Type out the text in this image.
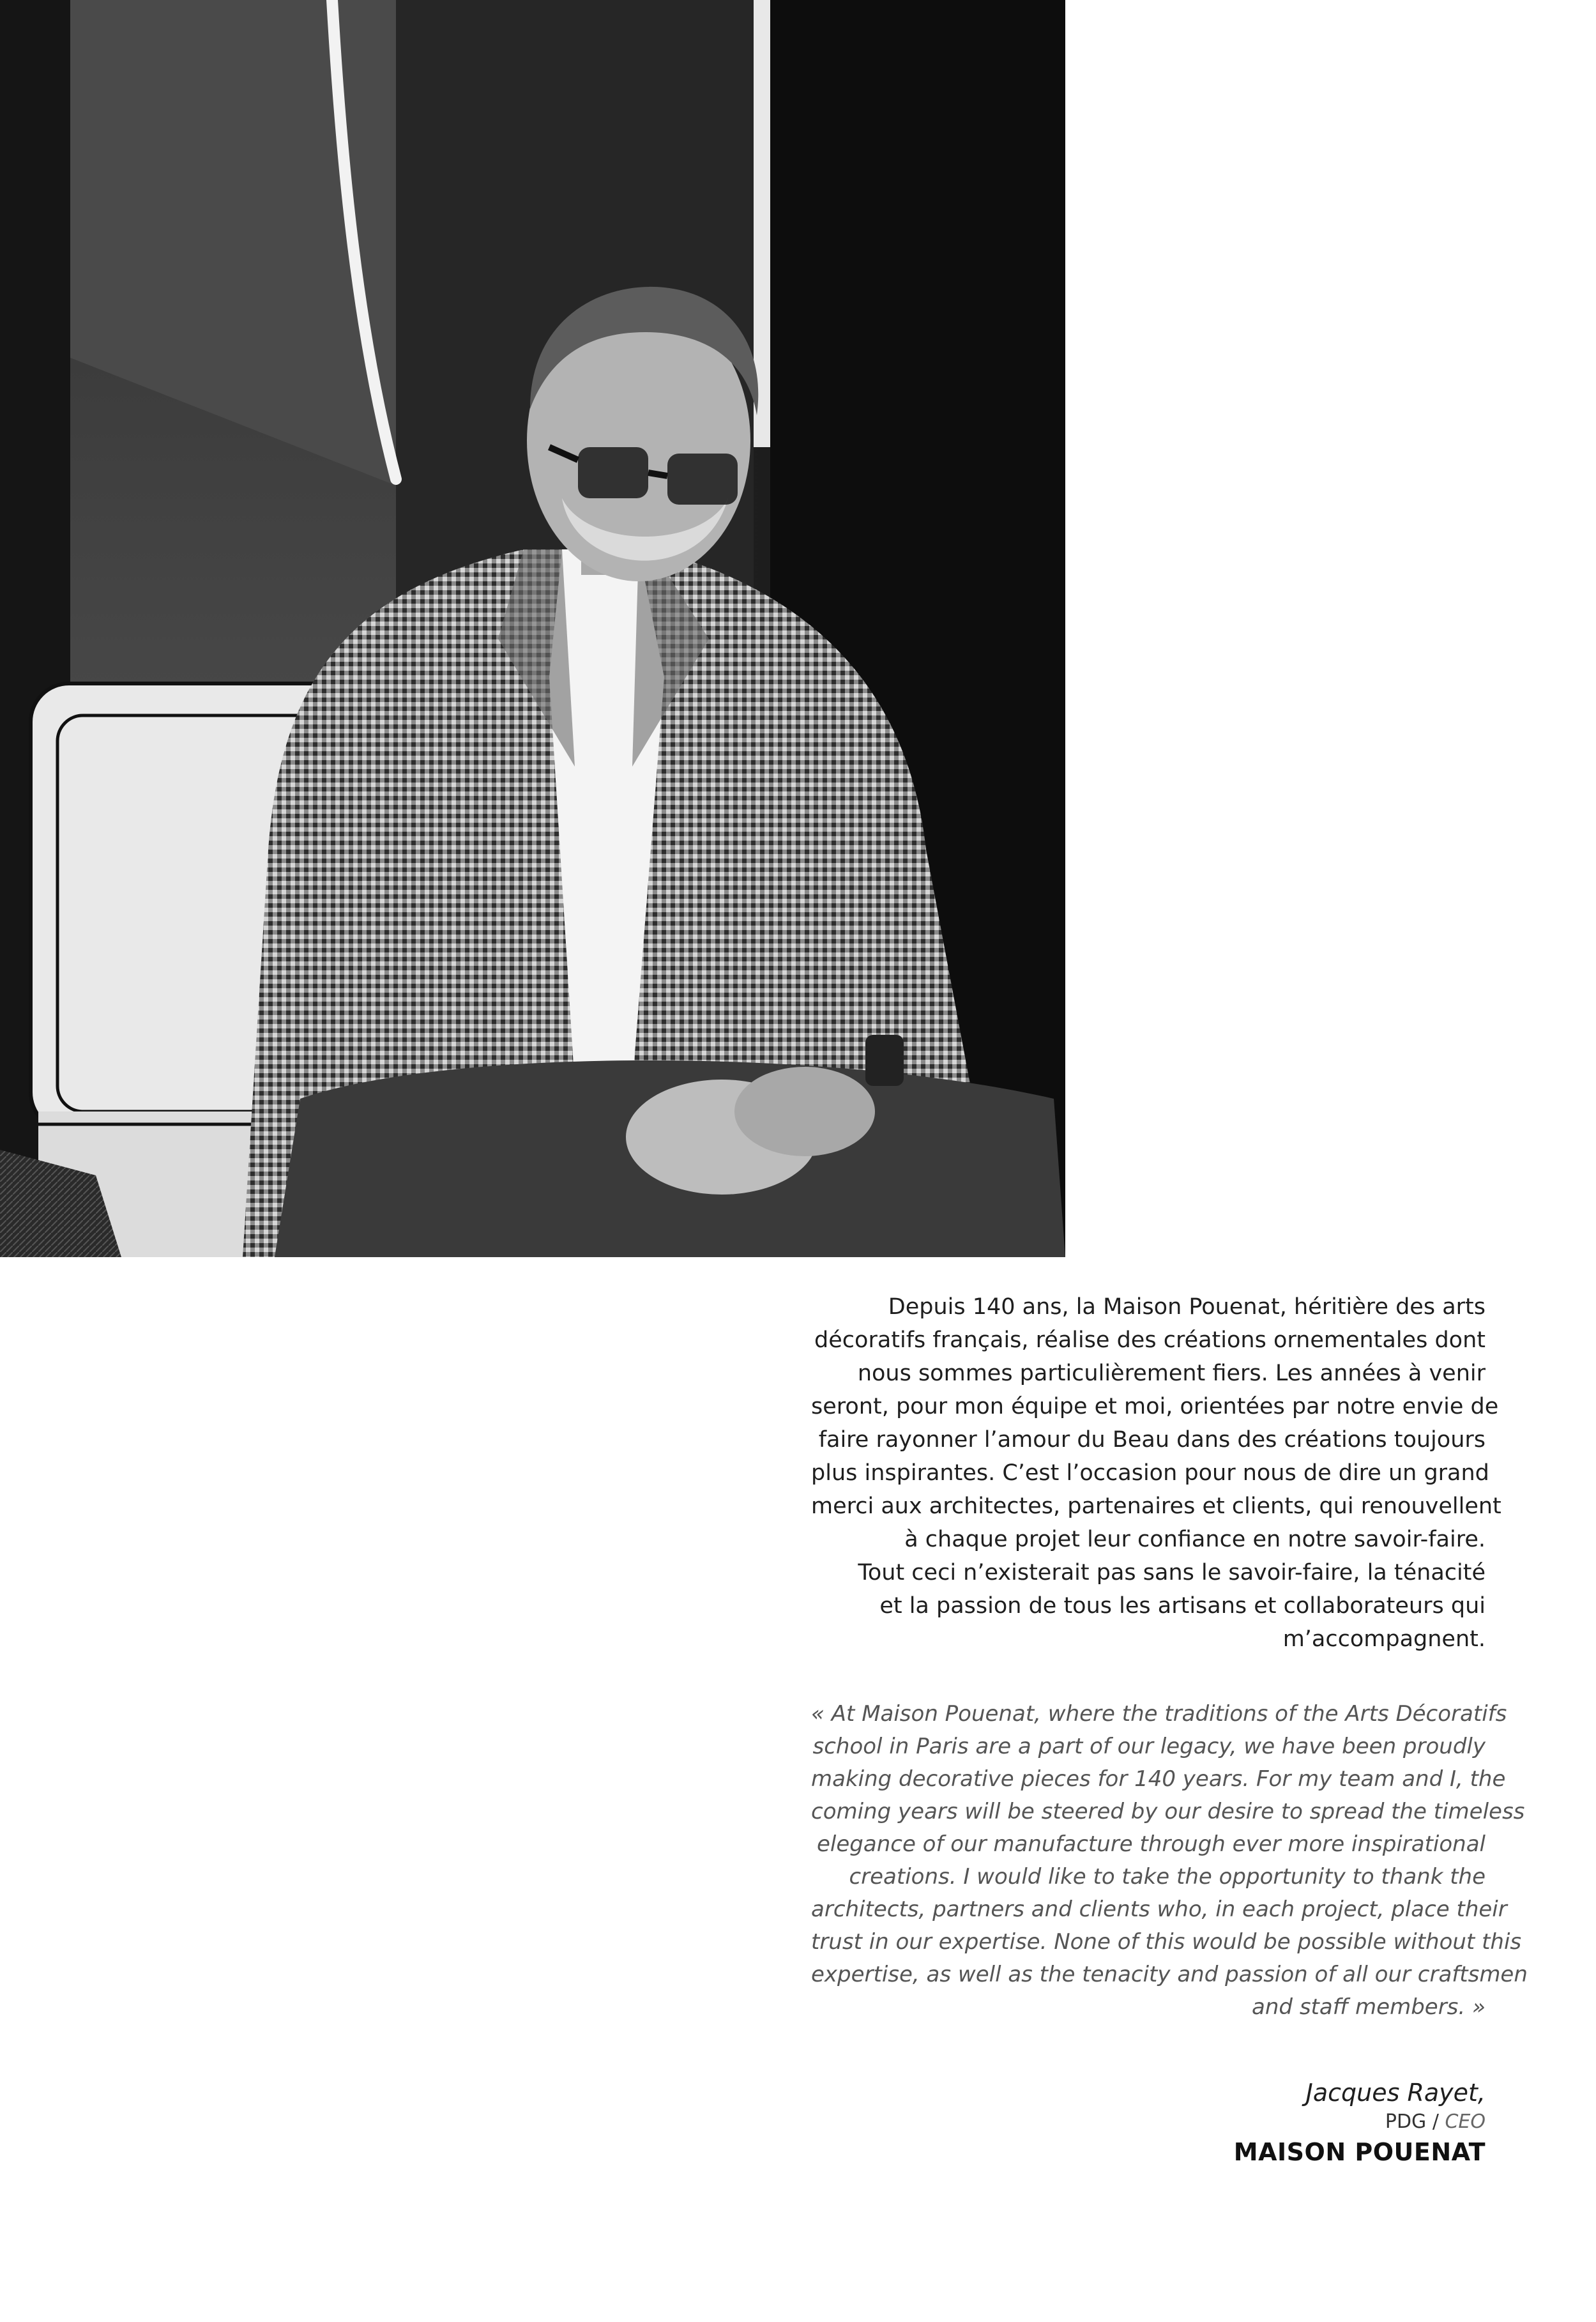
Depuis 140 ans, la Maison Pouenat, héritière des arts
décoratifs français, réalise des créations ornementales dont
nous sommes particulièrement fiers. Les années à venir
seront, pour mon équipe et moi, orientées par notre envie de
faire rayonner l’amour du Beau dans des créations toujours
plus inspirantes. C’est l’occasion pour nous de dire un grand
merci aux architectes, partenaires et clients, qui renouvellent
à chaque projet leur confiance en notre savoir-faire.
Tout ceci n’existerait pas sans le savoir-faire, la ténacité
et la passion de tous les artisans et collaborateurs qui
m’accompagnent.

« At Maison Pouenat, where the traditions of the Arts Décoratifs
school in Paris are a part of our legacy, we have been proudly
making decorative pieces for 140 years. For my team and I, the
coming years will be steered by our desire to spread the timeless
elegance of our manufacture through ever more inspirational
creations. I would like to take the opportunity to thank the
architects, partners and clients who, in each project, place their
trust in our expertise. None of this would be possible without this
expertise, as well as the tenacity and passion of all our craftsmen
and staff members. »

Jacques Rayet,
PDG / CEO
MAISON POUENAT
